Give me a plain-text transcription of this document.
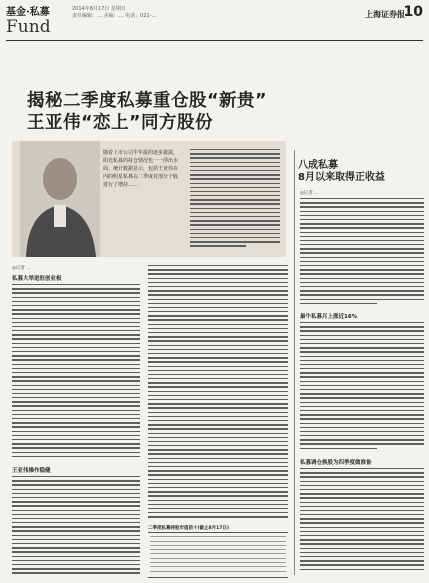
基金·私募
Fund
2014年8月17日 星期日
责任编辑：… 美编：… 电话：021-…	上海证券报
10
揭秘二季度私募重仓股“新贵”
王亚伟“恋上”同方股份
随着上市公司半年报的逐步披露，阳光私募的持仓情况也一一浮出水面。统计数据显示，包括王亚伟在内的明星私募在二季度对部分个股进行了增持……
◎记者 …
私募大举进驻创业板
王亚伟操作稳健
二季度私募持股市值前十(截止8月17日)
八成私募
8月以来取得正收益
◎记者 …
最牛私募月上涨近16%
私募调仓换股为四季度做准备
